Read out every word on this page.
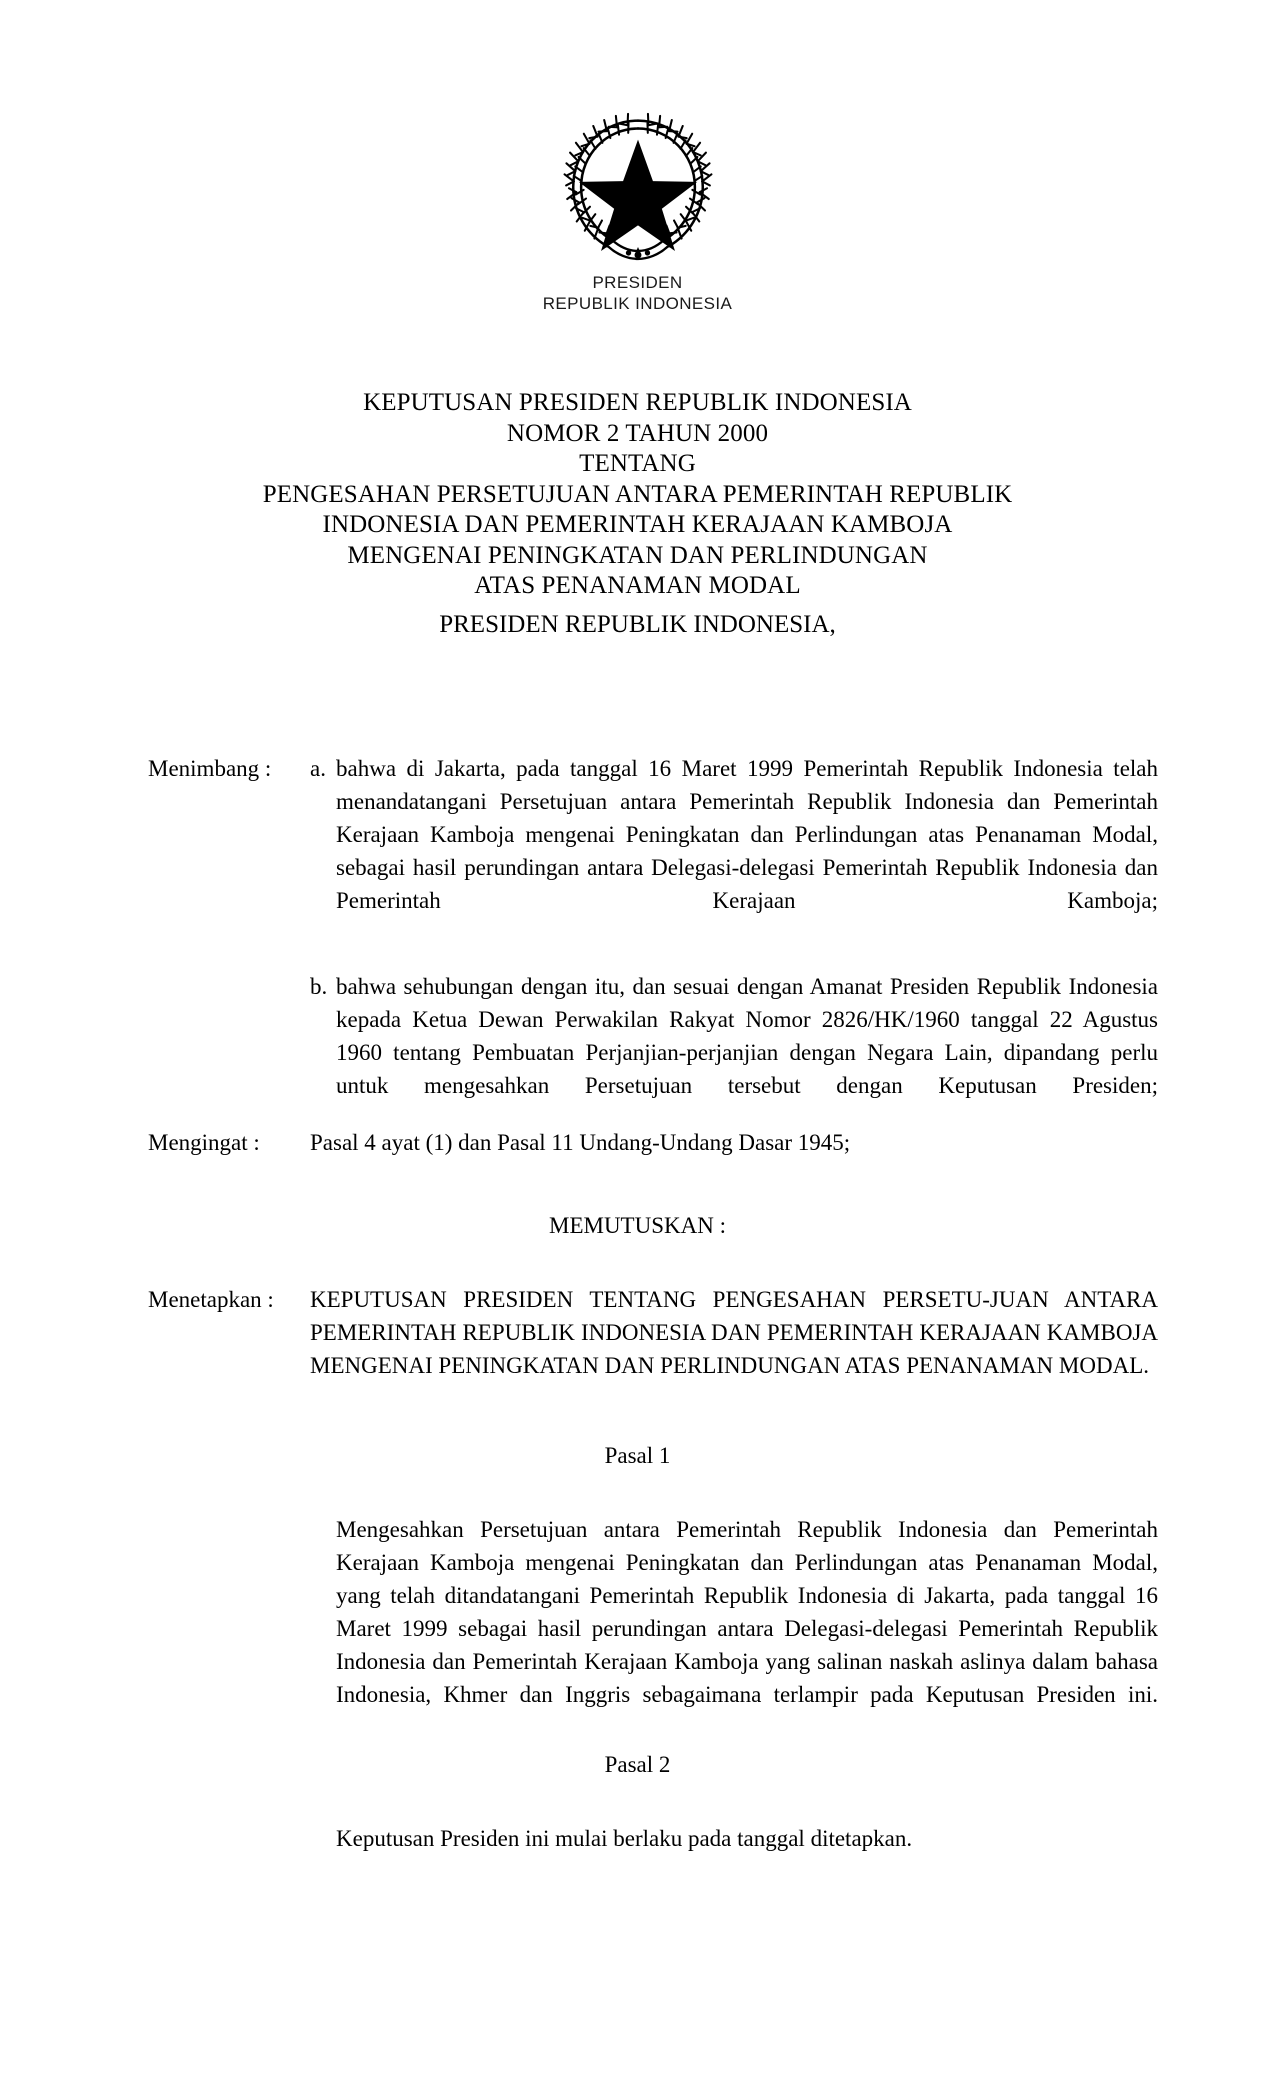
PRESIDEN
REPUBLIK INDONESIA
KEPUTUSAN PRESIDEN REPUBLIK INDONESIA
NOMOR 2 TAHUN 2000
TENTANG
PENGESAHAN PERSETUJUAN ANTARA PEMERINTAH REPUBLIK
INDONESIA DAN PEMERINTAH KERAJAAN KAMBOJA
MENGENAI PENINGKATAN DAN PERLINDUNGAN
ATAS PENANAMAN MODAL
PRESIDEN REPUBLIK INDONESIA,
Menimbang :	a. bahwa di Jakarta, pada tanggal 16 Maret 1999 Pemerintah Republik Indonesia telah menandatangani Persetujuan antara Pemerintah Republik Indonesia dan Pemerintah Kerajaan Kamboja mengenai Peningkatan dan Perlindungan atas Penanaman Modal, sebagai hasil perundingan antara Delegasi-delegasi Pemerintah Republik Indonesia dan Pemerintah Kerajaan Kamboja;
b. bahwa sehubungan dengan itu, dan sesuai dengan Amanat Presiden Republik Indonesia kepada Ketua Dewan Perwakilan Rakyat Nomor 2826/HK/1960 tanggal 22 Agustus 1960 tentang Pembuatan Perjanjian-perjanjian dengan Negara Lain, dipandang perlu untuk mengesahkan Persetujuan tersebut dengan Keputusan Presiden;
Mengingat :	Pasal 4 ayat (1) dan Pasal 11 Undang-Undang Dasar 1945;
MEMUTUSKAN :
Menetapkan :	KEPUTUSAN PRESIDEN TENTANG PENGESAHAN PERSETU-JUAN ANTARA PEMERINTAH REPUBLIK INDONESIA DAN PEMERINTAH KERAJAAN KAMBOJA MENGENAI PENINGKATAN DAN PERLINDUNGAN ATAS PENANAMAN MODAL.
Pasal 1
Mengesahkan Persetujuan antara Pemerintah Republik Indonesia dan Pemerintah Kerajaan Kamboja mengenai Peningkatan dan Perlindungan atas Penanaman Modal, yang telah ditandatangani Pemerintah Republik Indonesia di Jakarta, pada tanggal 16 Maret 1999 sebagai hasil perundingan antara Delegasi-delegasi Pemerintah Republik Indonesia dan Pemerintah Kerajaan Kamboja yang salinan naskah aslinya dalam bahasa Indonesia, Khmer dan Inggris sebagaimana terlampir pada Keputusan Presiden ini.
Pasal 2
Keputusan Presiden ini mulai berlaku pada tanggal ditetapkan.
